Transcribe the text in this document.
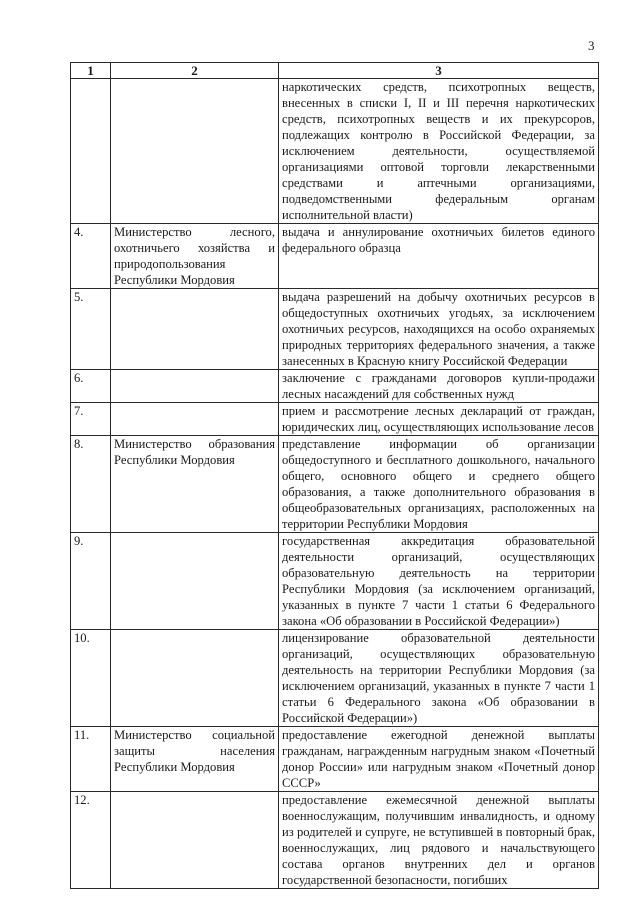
3
1	2	3
		наркотических средств, психотропных веществ, внесенных в списки I, II и III перечня наркотических средств, психотропных веществ и их прекурсоров, подлежащих контролю в Российской Федерации, за исключением деятельности, осуществляемой организациями оптовой торговли лекарственными средствами и аптечными организациями, подведомственными федеральным органам исполнительной власти)
4.	Министерство лесного, охотничьего хозяйства и природопользования Республики Мордовия	выдача и аннулирование охотничьих билетов единого федерального образца
5.		выдача разрешений на добычу охотничьих ресурсов в общедоступных охотничьих угодьях, за исключением охотничьих ресурсов, находящихся на особо охраняемых природных территориях федерального значения, а также занесенных в Красную книгу Российской Федерации
6.		заключение с гражданами договоров купли-продажи лесных насаждений для собственных нужд
7.		прием и рассмотрение лесных деклараций от граждан, юридических лиц, осуществляющих использование лесов
8.	Министерство образования Республики Мордовия	представление информации об организации общедоступного и бесплатного дошкольного, начального общего, основного общего и среднего общего образования, а также дополнительного образования в общеобразовательных организациях, расположенных на территории Республики Мордовия
9.		государственная аккредитация образовательной деятельности организаций, осуществляющих образовательную деятельность на территории Республики Мордовия (за исключением организаций, указанных в пункте 7 части 1 статьи 6 Федерального закона «Об образовании в Российской Федерации»)
10.		лицензирование образовательной деятельности организаций, осуществляющих образовательную деятельность на территории Республики Мордовия (за исключением организаций, указанных в пункте 7 части 1 статьи 6 Федерального закона «Об образовании в Российской Федерации»)
11.	Министерство социальной защиты населения Республики Мордовия	предоставление ежегодной денежной выплаты гражданам, награжденным нагрудным знаком «Почетный донор России» или нагрудным знаком «Почетный донор СССР»
12.		предоставление ежемесячной денежной выплаты военнослужащим, получившим инвалидность, и одному из родителей и супруге, не вступившей в повторный брак, военнослужащих, лиц рядового и начальствующего состава органов внутренних дел и органов государственной безопасности, погибших
